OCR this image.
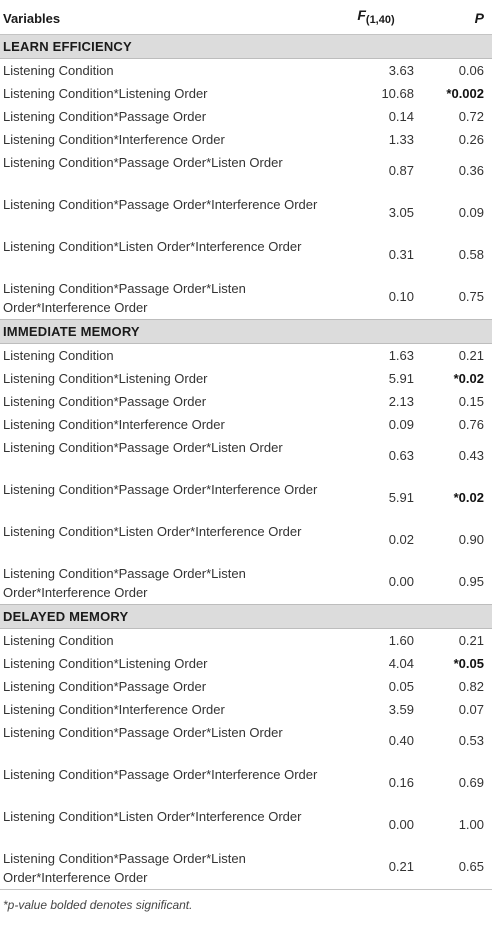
Variables	$F_{(1,40)}$	P
LEARN EFFICIENCY		
Listening Condition	3.63	0.06
Listening Condition*Listening Order	10.68	*0.002
Listening Condition*Passage Order	0.14	0.72
Listening Condition*Interference Order	1.33	0.26
Listening Condition*Passage Order*Listen Order	0.87	0.36
Listening Condition*Passage Order*Interference Order	3.05	0.09
Listening Condition*Listen Order*Interference Order	0.31	0.58
Listening Condition*Passage Order*Listen Order*Interference Order	0.10	0.75
IMMEDIATE MEMORY		
Listening Condition	1.63	0.21
Listening Condition*Listening Order	5.91	*0.02
Listening Condition*Passage Order	2.13	0.15
Listening Condition*Interference Order	0.09	0.76
Listening Condition*Passage Order*Listen Order	0.63	0.43
Listening Condition*Passage Order*Interference Order	5.91	*0.02
Listening Condition*Listen Order*Interference Order	0.02	0.90
Listening Condition*Passage Order*Listen Order*Interference Order	0.00	0.95
DELAYED MEMORY		
Listening Condition	1.60	0.21
Listening Condition*Listening Order	4.04	*0.05
Listening Condition*Passage Order	0.05	0.82
Listening Condition*Interference Order	3.59	0.07
Listening Condition*Passage Order*Listen Order	0.40	0.53
Listening Condition*Passage Order*Interference Order	0.16	0.69
Listening Condition*Listen Order*Interference Order	0.00	1.00
Listening Condition*Passage Order*Listen Order*Interference Order	0.21	0.65
*p-value bolded denotes significant.		
